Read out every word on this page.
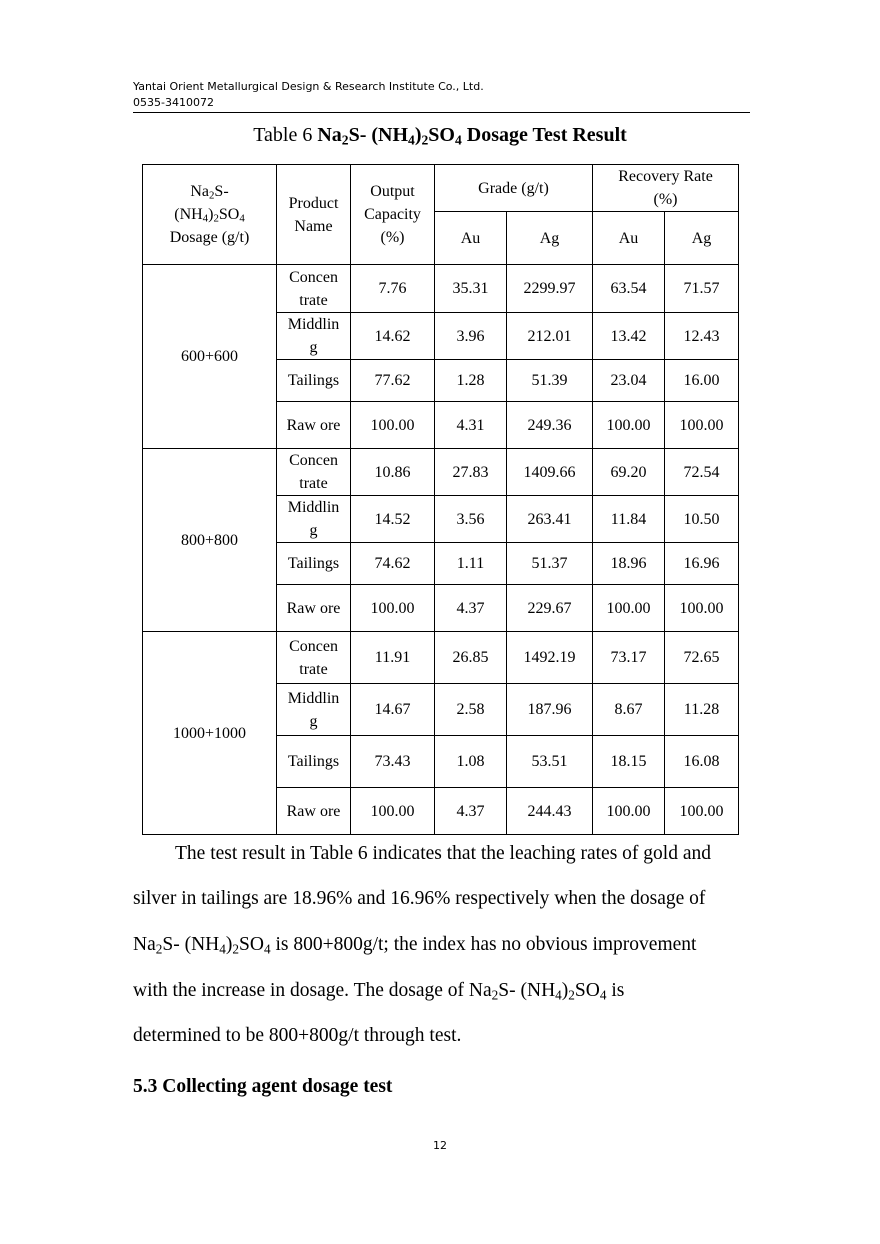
Yantai Orient Metallurgical Design & Research Institute Co., Ltd.
0535-3410072
Table 6 $Na_2S-$ $(NH_4)_2SO_4$ Dosage Test Result
$Na_2S-$
$(NH_4)_2SO_4$
Dosage (g/t)	Product Name	Output Capacity (%)	Grade (g/t)		Recovery Rate (%)	
			Au	Ag	Au	Ag
600+600	Concen trate	7.76	35.31	2299.97	63.54	71.57
	Middlin g	14.62	3.96	212.01	13.42	12.43
	Tailings	77.62	1.28	51.39	23.04	16.00
	Raw ore	100.00	4.31	249.36	100.00	100.00
800+800	Concen trate	10.86	27.83	1409.66	69.20	72.54
	Middlin g	14.52	3.56	263.41	11.84	10.50
	Tailings	74.62	1.11	51.37	18.96	16.96
	Raw ore	100.00	4.37	229.67	100.00	100.00
1000+1000	Concen trate	11.91	26.85	1492.19	73.17	72.65
	Middlin g	14.67	2.58	187.96	8.67	11.28
	Tailings	73.43	1.08	53.51	18.15	16.08
	Raw ore	100.00	4.37	244.43	100.00	100.00
The test result in Table 6 indicates that the leaching rates of gold and
silver in tailings are 18.96% and 16.96% respectively when the dosage of
$Na_2S-$ $(NH_4)_2SO_4$ is 800+800g/t; the index has no obvious improvement
with the increase in dosage. The dosage of $Na_2S-$ $(NH_4)_2SO_4$ is
determined to be 800+800g/t through test.
5.3 Collecting agent dosage test
12
